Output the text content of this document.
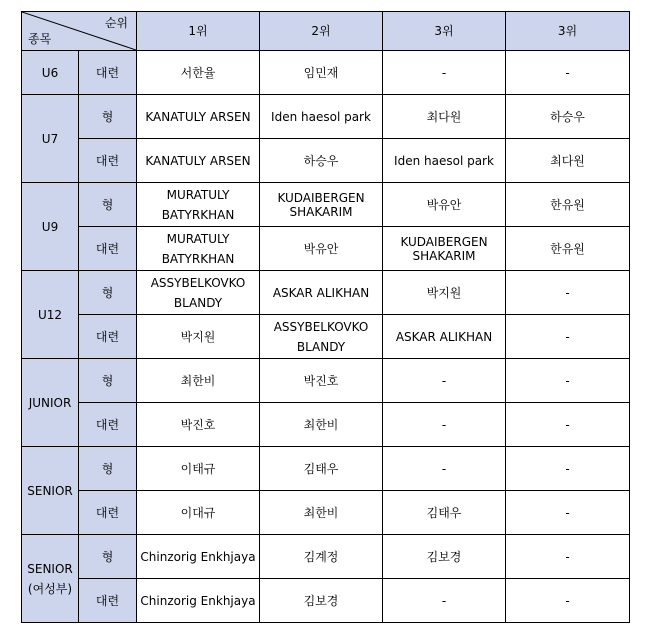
순위
종목		1위	2위	3위	3위
U6	대련	서한율	임민재	-	-
U7	형	KANATULY ARSEN	Iden haesol park	최다원	하승우
	대련	KANATULY ARSEN	하승우	Iden haesol park	최다원
U9	형	MURATULY BATYRKHAN	KUDAIBERGEN SHAKARIM	박유안	한유원
	대련	MURATULY BATYRKHAN	박유안	KUDAIBERGEN SHAKARIM	한유원
U12	형	ASSYBELKOVKO BLANDY	ASKAR ALIKHAN	박지원	-
	대련	박지원	ASSYBELKOVKO BLANDY	ASKAR ALIKHAN	-
JUNIOR	형	최한비	박진호	-	-
	대련	박진호	최한비	-	-
SENIOR	형	이태규	김태우	-	-
	대련	이대규	최한비	김태우	-
SENIOR (여성부)	형	Chinzorig Enkhjaya	김계정	김보경	-
	대련	Chinzorig Enkhjaya	김보경	-	-
